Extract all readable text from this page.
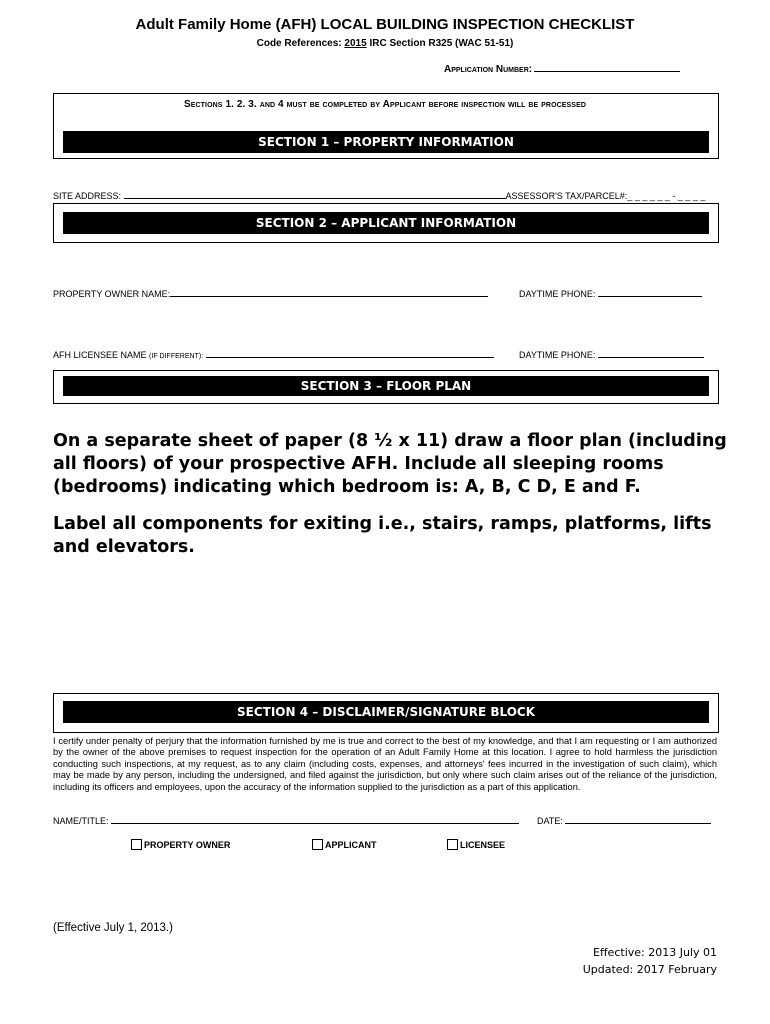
Adult Family Home (AFH) LOCAL BUILDING INSPECTION CHECKLIST
Code References: 2015 IRC Section R325 (WAC 51-51)
Application Number:
Sections 1. 2. 3. and 4 must be completed by Applicant before inspection will be processed
SECTION 1 – PROPERTY INFORMATION
SITE ADDRESS:	ASSESSOR'S TAX/PARCEL#:_ _ _ _ _ _ - _ _ _ _
SECTION 2 – APPLICANT INFORMATION
PROPERTY OWNER NAME:	DAYTIME PHONE:
AFH LICENSEE NAME (IF DIFFERENT):	DAYTIME PHONE:
SECTION 3 – FLOOR PLAN

On a separate sheet of paper (8 ½ x 11) draw a floor plan (including all floors) of your prospective AFH. Include all sleeping rooms (bedrooms) indicating which bedroom is: A, B, C D, E and F.

Label all components for exiting i.e., stairs, ramps, platforms, lifts and elevators.

SECTION 4 – DISCLAIMER/SIGNATURE BLOCK
I certify under penalty of perjury that the information furnished by me is true and correct to the best of my knowledge, and that I am requesting or I am authorized by the owner of the above premises to request inspection for the operation of an Adult Family Home at this location. I agree to hold harmless the jurisdiction conducting such inspections, at my request, as to any claim (including costs, expenses, and attorneys' fees incurred in the investigation of such claim), which may be made by any person, including the undersigned, and filed against the jurisdiction, but only where such claim arises out of the reliance of the jurisdiction, including its officers and employees, upon the accuracy of the information supplied to the jurisdiction as a part of this application.
NAME/TITLE:	DATE:
PROPERTY OWNER	APPLICANT	LICENSEE
(Effective July 1, 2013.)
Effective: 2013 July 01
Updated: 2017 February
